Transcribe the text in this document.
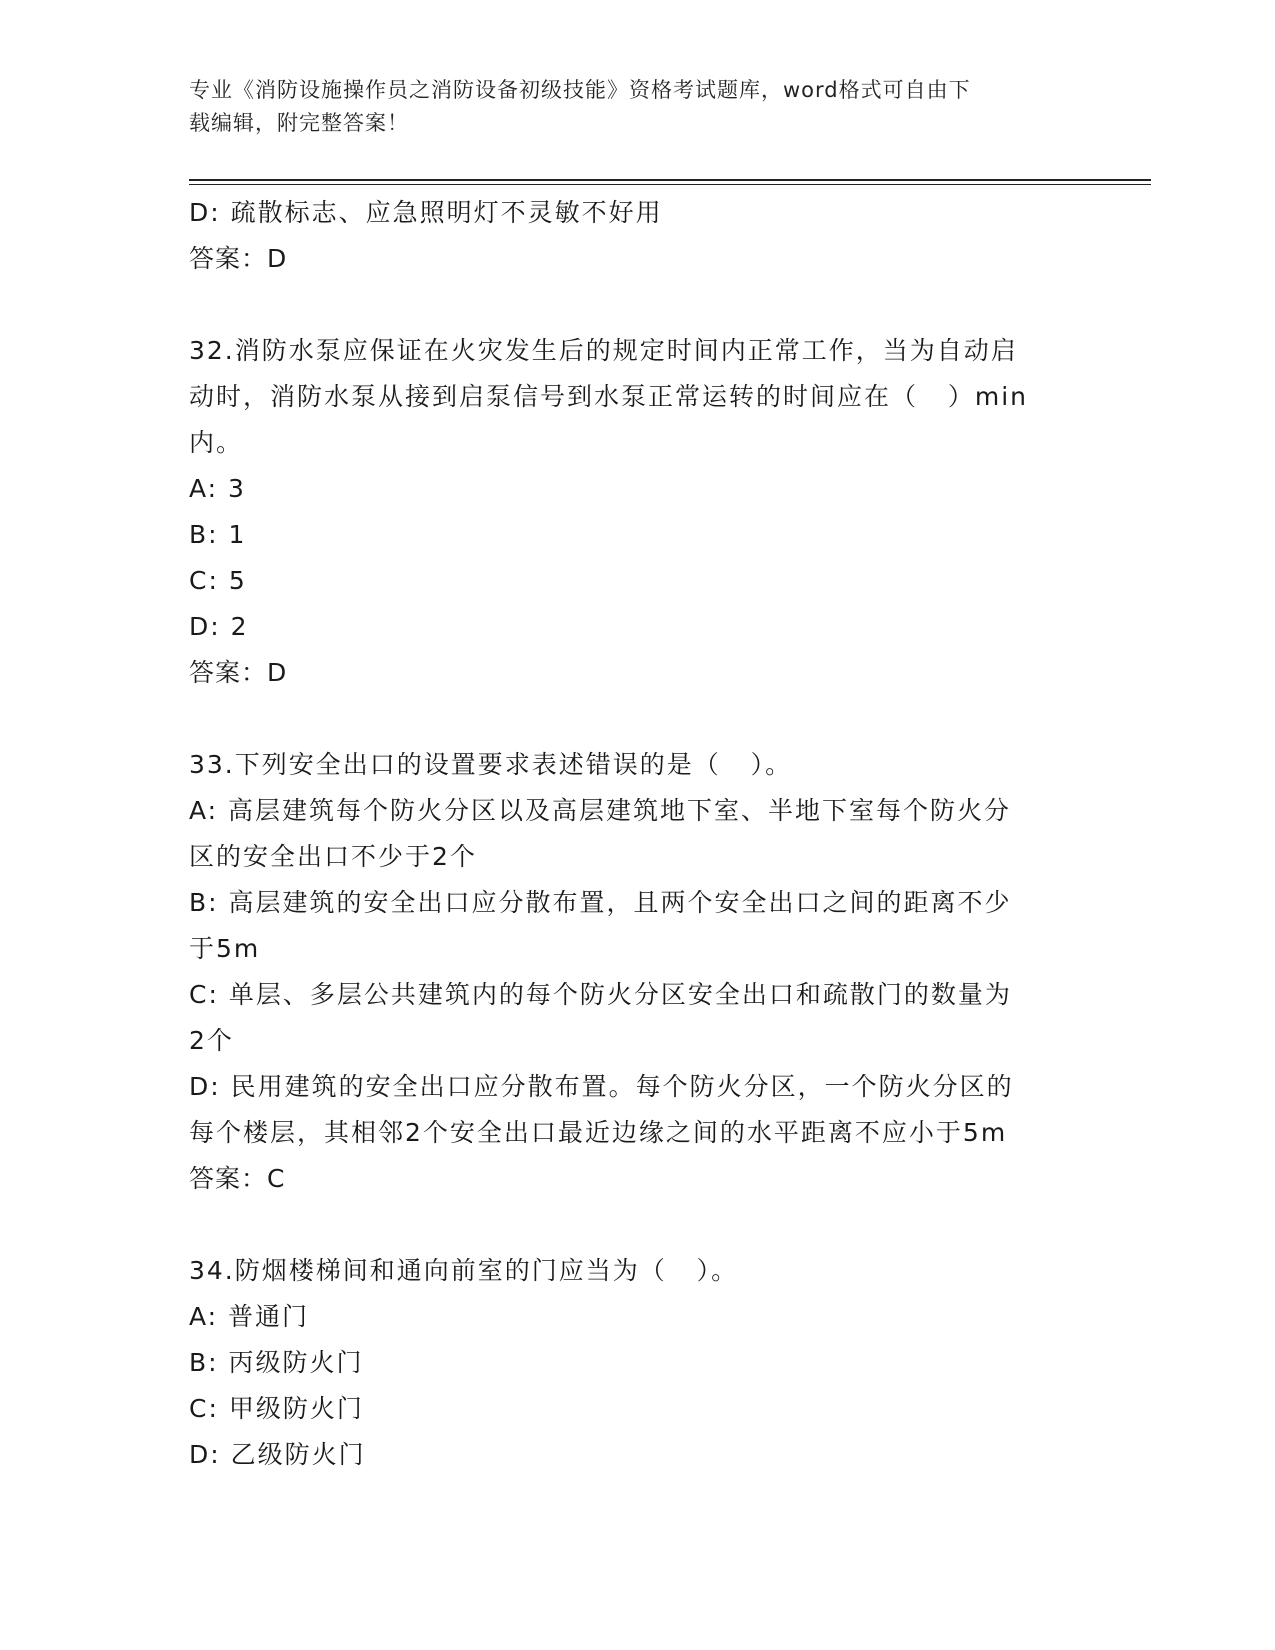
专业《消防设施操作员之消防设备初级技能》资格考试题库，word格式可自由下
载编辑，附完整答案！
D: 疏散标志、应急照明灯不灵敏不好用
答案：D
32.消防水泵应保证在火灾发生后的规定时间内正常工作，当为自动启
动时，消防水泵从接到启泵信号到水泵正常运转的时间应在（   ）min
内。
A: 3
B: 1
C: 5
D: 2
答案：D
33.下列安全出口的设置要求表述错误的是（   ）。
A: 高层建筑每个防火分区以及高层建筑地下室、半地下室每个防火分
区的安全出口不少于2个
B: 高层建筑的安全出口应分散布置，且两个安全出口之间的距离不少
于5m
C: 单层、多层公共建筑内的每个防火分区安全出口和疏散门的数量为
2个
D: 民用建筑的安全出口应分散布置。每个防火分区，一个防火分区的
每个楼层，其相邻2个安全出口最近边缘之间的水平距离不应小于5m
答案：C
34.防烟楼梯间和通向前室的门应当为（   ）。
A: 普通门
B: 丙级防火门
C: 甲级防火门
D: 乙级防火门
